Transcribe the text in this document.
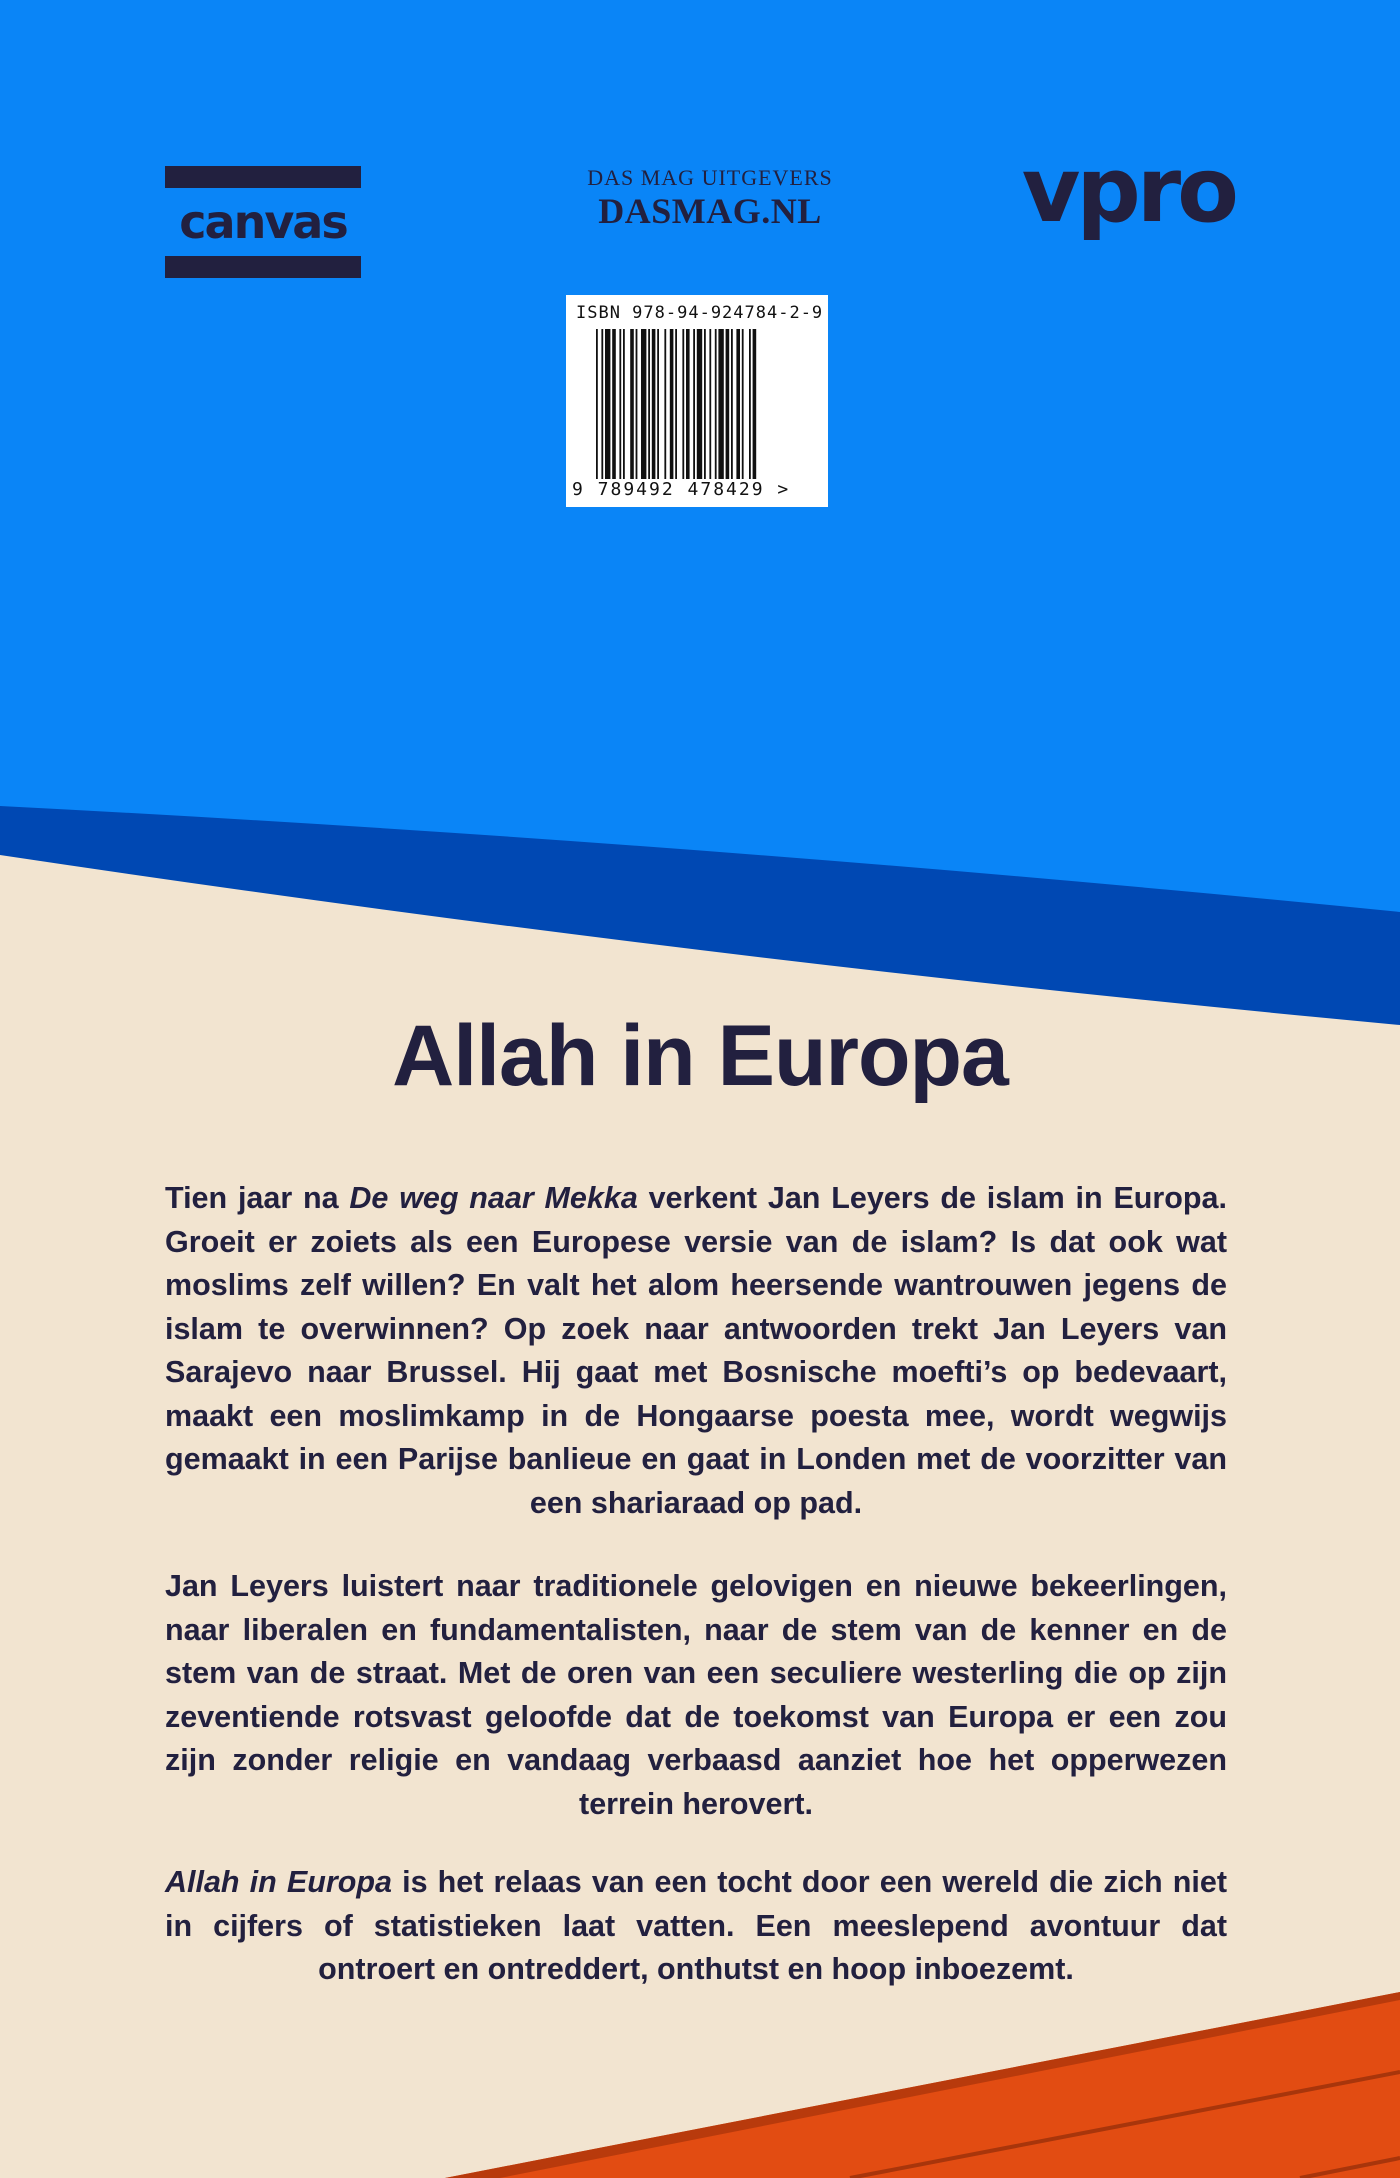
canvas
DAS MAG UITGEVERS
DASMAG.NL	vpro
ISBN 978-94-924784-2-9
9 789492 478429 >
Allah in Europa
Tien jaar na De weg naar Mekka verkent Jan Leyers de islam in Europa. Groeit er zoiets als een Europese versie van de islam? Is dat ook wat moslims zelf willen? En valt het alom heersende wantrouwen jegens de islam te overwinnen? Op zoek naar antwoorden trekt Jan Leyers van Sarajevo naar Brussel. Hij gaat met Bosnische moefti’s op bedevaart, maakt een moslimkamp in de Hongaarse poesta mee, wordt wegwijs gemaakt in een Parijse banlieue en gaat in Londen met de voorzitter van een shariaraad op pad.
Jan Leyers luistert naar traditionele gelovigen en nieuwe bekeerlingen, naar liberalen en fundamentalisten, naar de stem van de kenner en de stem van de straat. Met de oren van een seculiere westerling die op zijn zeventiende rotsvast geloofde dat de toekomst van Europa er een zou zijn zonder religie en vandaag verbaasd aanziet hoe het opperwezen terrein herovert.
Allah in Europa is het relaas van een tocht door een wereld die zich niet in cijfers of statistieken laat vatten. Een meeslepend avontuur dat ontroert en ontreddert, onthutst en hoop inboezemt.
